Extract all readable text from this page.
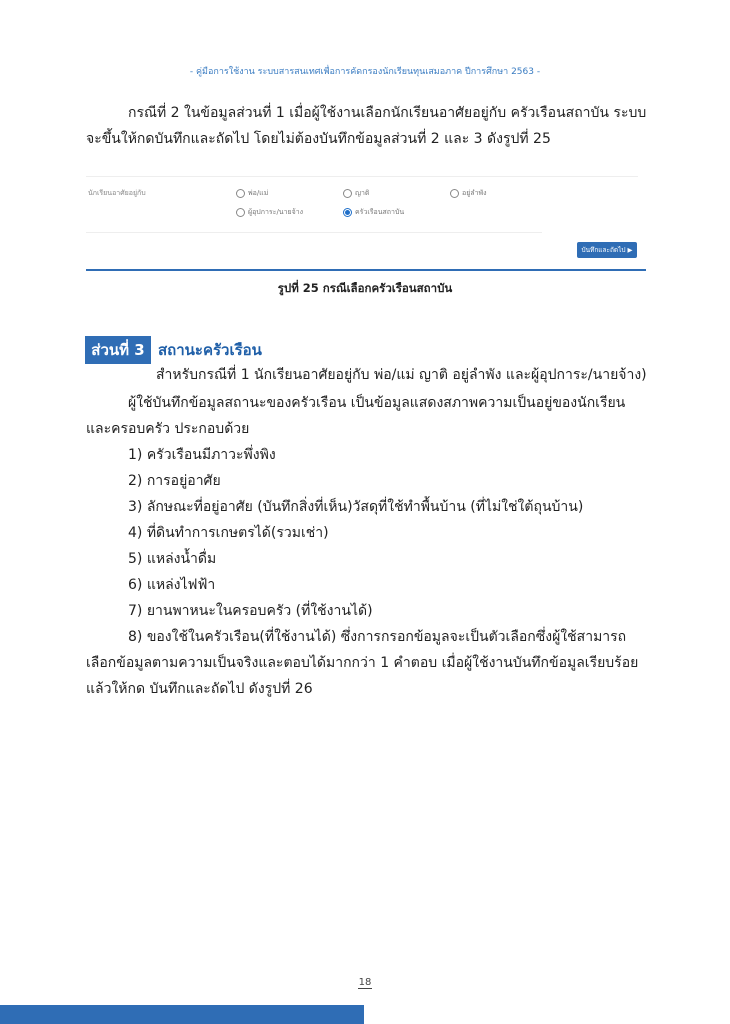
- คู่มือการใช้งาน ระบบสารสนเทศเพื่อการคัดกรองนักเรียนทุนเสมอภาค ปีการศึกษา 2563 -

กรณีที่ 2 ในข้อมูลส่วนที่ 1 เมื่อผู้ใช้งานเลือกนักเรียนอาศัยอยู่กับ ครัวเรือนสถาบัน ระบบจะขึ้นให้กดบันทึกและถัดไป โดยไม่ต้องบันทึกข้อมูลส่วนที่ 2 และ 3 ดังรูปที่ 25

นักเรียนอาศัยอยู่กับ	พ่อ/แม่	ญาติ	อยู่ลำพัง
ผู้อุปการะ/นายจ้าง	ครัวเรือนสถาบัน
บันทึกและถัดไป ▶
รูปที่ 25 กรณีเลือกครัวเรือนสถาบัน
ส่วนที่ 3 สถานะครัวเรือน

สำหรับกรณีที่ 1 นักเรียนอาศัยอยู่กับ พ่อ/แม่ ญาติ อยู่ลำพัง และผู้อุปการะ/นายจ้าง)

ผู้ใช้บันทึกข้อมูลสถานะของครัวเรือน เป็นข้อมูลแสดงสภาพความเป็นอยู่ของนักเรียนและครอบครัว ประกอบด้วย

1) ครัวเรือนมีภาวะพึ่งพิง
2) การอยู่อาศัย
3) ลักษณะที่อยู่อาศัย (บันทึกสิ่งที่เห็น)วัสดุที่ใช้ทำพื้นบ้าน (ที่ไม่ใช่ใต้ถุนบ้าน)
4) ที่ดินทำการเกษตรได้(รวมเช่า)
5) แหล่งน้ำดื่ม
6) แหล่งไฟฟ้า
7) ยานพาหนะในครอบครัว (ที่ใช้งานได้)

8) ของใช้ในครัวเรือน(ที่ใช้งานได้) ซึ่งการกรอกข้อมูลจะเป็นตัวเลือกซึ่งผู้ใช้สามารถเลือกข้อมูลตามความเป็นจริงและตอบได้มากกว่า 1 คำตอบ เมื่อผู้ใช้งานบันทึกข้อมูลเรียบร้อยแล้วให้กด บันทึกและถัดไป ดังรูปที่ 26

18
